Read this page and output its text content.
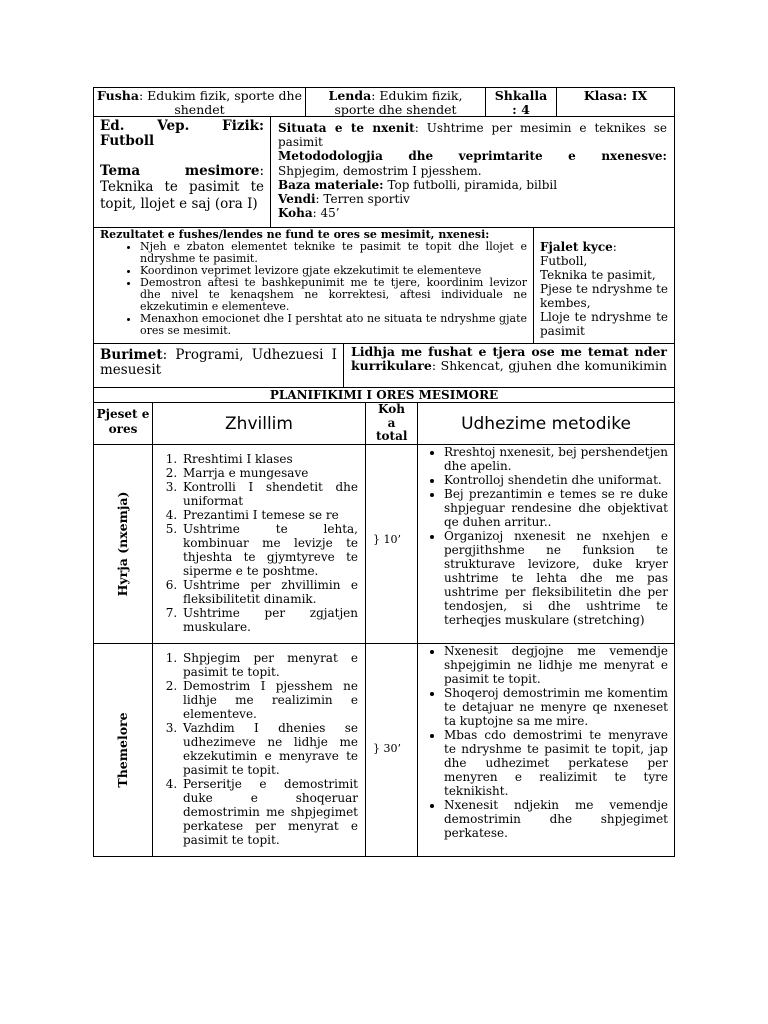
Fusha: Edukim fizik, sporte dhe shendet
Lenda: Edukim fizik, sporte dhe shendet
Shkalla
: 4
Klasa: IX
Ed. Vep. Fizik: Futboll
Tema mesimore:
Teknika te pasimit te topit, llojet e saj (ora I)
Situata e te nxenit: Ushtrime per mesimin e teknikes se pasimit
Metododologjia dhe veprimtarite e nxenesve:
Shpjegim, demostrim I pjesshem.
Baza materiale: Top futbolli, piramida, bilbil
Vendi: Terren sportiv
Koha: 45’
Rezultatet e fushes/lendes ne fund te ores se mesimit, nxenesi:
• Njeh e zbaton elementet teknike te pasimit te topit dhe llojet e ndryshme te pasimit.
• Koordinon veprimet levizore gjate ekzekutimit te elementeve
• Demostron aftesi te bashkepunimit me te tjere, koordinim levizor dhe nivel te kenaqshem ne korrektesi, aftesi individuale ne ekzekutimin e elementeve.
• Menaxhon emocionet dhe I pershtat ato ne situata te ndryshme gjate ores se mesimit.
Fjalet kyce:
Futboll,
Teknika te pasimit,
Pjese te ndryshme te kembes,
Lloje te ndryshme te pasimit
Burimet: Programi, Udhezuesi I mesuesit
Lidhja me fushat e tjera ose me temat nder kurrikulare: Shkencat, gjuhen dhe komunikimin
PLANIFIKIMI I ORES MESIMORE
Pjeset e ores	Zhvillim
Koh a total
Udhezime metodike
Hyrja (nxemja)
1. Rreshtimi I klases
2. Marrja e mungesave
3. Kontrolli I shendetit dhe uniformat
4. Prezantimi I temese se re
5. Ushtrime te lehta, kombinuar me levizje te thjeshta te gjymtyreve te siperme e te poshtme.
6. Ushtrime per zhvillimin e fleksibilitetit dinamik.
7. Ushtrime per zgjatjen muskulare.
} 10’
• Rreshtoj nxenesit, bej pershendetjen dhe apelin.
• Kontrolloj shendetin dhe uniformat.
• Bej prezantimin e temes se re duke shpjeguar rendesine dhe objektivat qe duhen arritur..
• Organizoj nxenesit ne nxehjen e pergjithshme ne funksion te strukturave levizore, duke kryer ushtrime te lehta dhe me pas ushtrime per fleksibilitetin dhe per tendosjen, si dhe ushtrime te terheqjes muskulare (stretching)
Themelore
1. Shpjegim per menyrat e pasimit te topit.
2. Demostrim I pjesshem ne lidhje me realizimin e elementeve.
3. Vazhdim I dhenies se udhezimeve ne lidhje me ekzekutimin e menyrave te pasimit te topit.
4. Perseritje e demostrimit duke e shoqeruar demostrimin me shpjegimet perkatese per menyrat e pasimit te topit.
} 30’
• Nxenesit degjojne me vemendje shpejgimin ne lidhje me menyrat e pasimit te topit.
• Shoqeroj demostrimin me komentim te detajuar ne menyre qe nxeneset ta kuptojne sa me mire.
• Mbas cdo demostrimi te menyrave te ndryshme te pasimit te topit, jap dhe udhezimet perkatese per menyren e realizimit te tyre teknikisht.
• Nxenesit ndjekin me vemendje demostrimin dhe shpjegimet perkatese.
